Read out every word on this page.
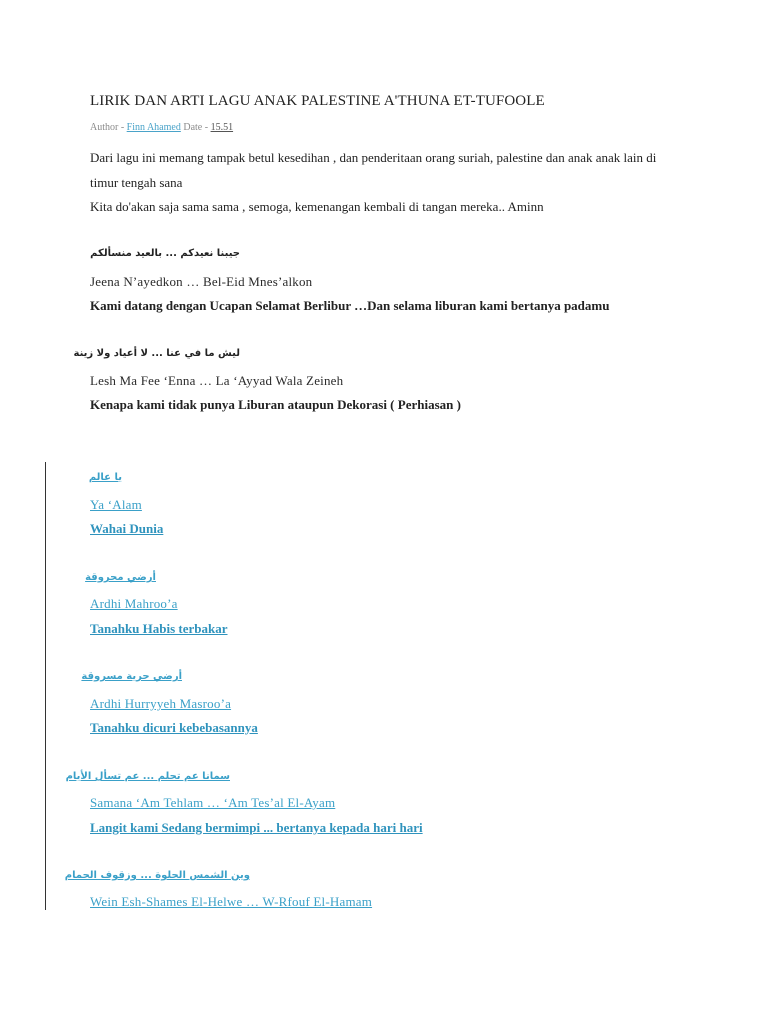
LIRIK DAN ARTI LAGU ANAK PALESTINE A'THUNA ET-TUFOOLE
Author - Finn Ahamed Date - 15.51
Dari lagu ini memang tampak betul kesedihan , dan penderitaan orang suriah, palestine dan anak anak lain di
timur tengah sana
Kita do'akan saja sama sama , semoga, kemenangan kembali di tangan mereka.. Aminn
جيبنا نعيدكم ... بالعيد منسألكم
Jeena N’ayedkon … Bel-Eid Mnes’alkon
Kami datang dengan Ucapan Selamat Berlibur …Dan selama liburan kami bertanya padamu
ليش ما في عنا ... لا أعياد ولا زينة
Lesh Ma Fee ‘Enna … La ‘Ayyad Wala Zeineh
Kenapa kami tidak punya Liburan ataupun Dekorasi ( Perhiasan )
يا عالم
Ya ‘Alam
Wahai Dunia
أرضي محروقة
Ardhi Mahroo’a
Tanahku Habis terbakar
أرضي حرية مسروقة
Ardhi Hurryyeh Masroo’a
Tanahku dicuri kebebasannya
سمانا عم تحلم ... عم تسأل الأيام
Samana ‘Am Tehlam … ‘Am Tes’al El-Ayam
Langit kami Sedang bermimpi ... bertanya kepada hari hari
وين الشمس الحلوة ... وزقوف الحمام
Wein Esh-Shames El-Helwe … W-Rfouf El-Hamam
